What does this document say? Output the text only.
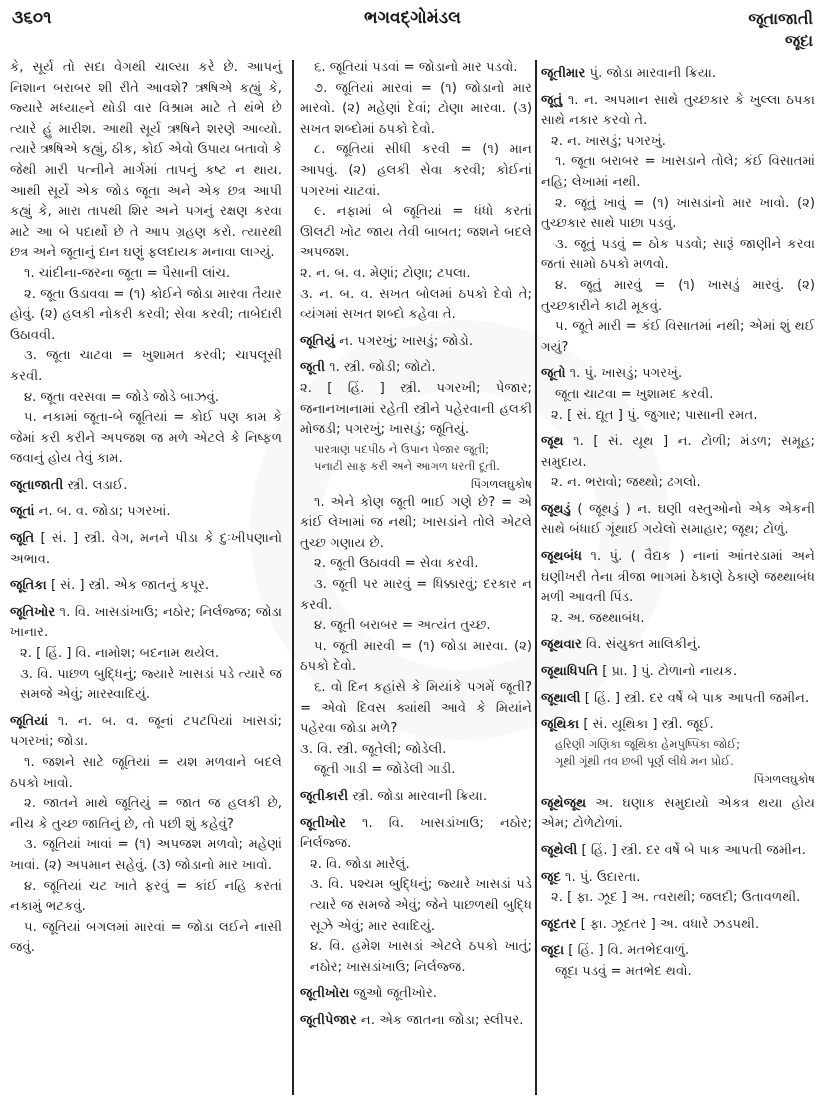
૩૬૦૧	ભગવદ્ગોમંડલ	જૂતાજાતી
જૂદા

કે, સૂર્ય તો સદા વેગથી ચાલ્યા કરે છે. આપનું નિશાન બરાબર શી રીતે આવશે? ઋષિએ કહ્યું કે, જ્યારે મધ્યાહ્ને થોડી વાર વિશ્રામ માટે તે થંભે છે ત્યારે હું મારીશ. આથી સૂર્ય ઋષિને શરણે આવ્યો. ત્યારે ઋષિએ કહ્યું, ઠીક, કોઈ એવો ઉપાય બતાવો કે જેથી મારી પત્નીને માર્ગમાં તાપનું કષ્ટ ન થાય. આથી સૂર્યે એક જોડ જૂતા અને એક છત્ર આપી કહ્યું કે, મારા તાપથી શિર અને પગનું રક્ષણ કરવા માટે આ બે પદાર્થો છે તે આપ ગ્રહણ કરો. ત્યારથી છત્ર અને જૂતાનું દાન ઘણું ફલદાયક મનાવા લાગ્યું.

૧. ચાંદીના-જરના જૂતા = પૈસાની લાંચ.

૨. જૂતા ઉડાવવા = (૧) કોઈને જોડા મારવા તૈયાર હોવું. (૨) હલકી નોકરી કરવી; સેવા કરવી; તાબેદારી ઉઠાવવી.

૩. જૂતા ચાટવા = ખુશામત કરવી; ચાપલૂસી કરવી.

૪. જૂતા વરસવા = જોડે જોડે બાઝવું.

૫. નકામાં જૂતા-બે જૂતિયાં = કોઈ પણ કામ કે જેમાં કરી કરીને અપજશ જ મળે એટલે કે નિષ્ફળ જવાનું હોય તેવું કામ.

જૂતાજાતી સ્ત્રી. લડાઈ.

જૂતાં ન. બ. વ. જોડા; પગરખાં.

જૂતિ [ સં. ] સ્ત્રી. વેગ, મનને પીડા કે દુઃખીપણાનો અભાવ.

જૂતિકા [ સં. ] સ્ત્રી. એક જાતનું કપૂર.

જૂતિખોર ૧. વિ. ખાસડાંખાઉ; નઠોર; નિર્લજ્જ; જોડા ખાનાર.

૨. [ હિં. ] વિ. નામોશ; બદનામ થયેલ.

૩. વિ. પાછળ બુદ્ધિનું; જ્યારે ખાસડાં પડે ત્યારે જ સમજે એવું; મારસ્વાદિયું.

જૂતિયાં ૧. ન. બ. વ. જૂનાં ટપટપિયાં ખાસડાં; પગરખાં; જોડા.

૧. જશને સાટે જૂતિયાં = યશ મળવાને બદલે ઠપકો ખાવો.

૨. જાતને માથે જૂતિયું = જાત જ હલકી છે, નીચ કે તુચ્છ જાતિનું છે, તો પછી શું કહેવું?

૩. જૂતિયાં ખાવાં = (૧) અપજશ મળવો; મહેણાં ખાવાં. (૨) અપમાન સહેવું. (૩) જોડાનો માર ખાવો.

૪. જૂતિયાં ચટ ખાતે ફરવું = કાંઈ નહિ કરતાં નકામું ભટકવું.

૫. જૂતિયાં બગલમાં મારવાં = જોડા લઈને નાસી જવું.

૬. જૂતિયાં પડવાં = જોડાનો માર પડવો.

૭. જૂતિયાં મારવાં = (૧) જોડાનો માર મારવો. (૨) મહેણાં દેવાં; ટોણા મારવા. (૩) સખત શબ્દોમાં ઠપકો દેવો.

૮. જૂતિયાં સીધી કરવી = (૧) માન આપવું. (૨) હલકી સેવા કરવી; કોઈનાં પગરખાં ચાટવાં.

૯. નફામાં બે જૂતિયાં = ધંધો કરતાં ઊલટી ખોટ જાય તેવી બાબત; જશને બદલે અપજશ.

૨. ન. બ. વ. મેણાં; ટોણા; ટપલા.

૩. ન. બ. વ. સખત બોલમાં ઠપકો દેવો તે; વ્યંગમાં સખત શબ્દો કહેવા તે.

જૂતિયું ન. પગરખું; ખાસડું; જોડો.

જૂતી ૧. સ્ત્રી. જોડી; જોટો.

૨. [ હિં. ] સ્ત્રી. પગરખી; પેજાર; જનાનખાનામાં રહેતી સ્ત્રીને પહેરવાની હલકી મોજડી; પગરખું; ખાસડું; જૂતિયું.

પારત્રાણ પદપીઠ ને ઉપાન પેજાર જૂતી;

પનાટી સાફ કરી અને આગળ ધરતી દૂતી.

પિંગળલઘુકોષ

૧. એને કોણ જૂતી ભાઈ ગણે છે? = એ કાંઈ લેખામાં જ નથી; ખાસડાંને તોલે એટલે તુચ્છ ગણાય છે.

૨. જૂતી ઉઠાવવી = સેવા કરવી.

૩. જૂતી પર મારવું = ધિક્કારવું; દરકાર ન કરવી.

૪. જૂતી બરાબર = અત્યંત તુચ્છ.

૫. જૂતી મારવી = (૧) જોડા મારવા. (૨) ઠપકો દેવો.

૬. વો દિન કહાંસે કે મિયાંકે પગમેં જૂતી?= એવો દિવસ ક્યાંથી આવે કે મિયાંને પહેરવા જોડા મળે?

૩. વિ. સ્ત્રી. જૂતેલી; જોડેલી.

જૂતી ગાડી = જોડેલી ગાડી.

જૂતીકારી સ્ત્રી. જોડા મારવાની ક્રિયા.

જૂતીખોર ૧. વિ. ખાસડાંખાઉ; નઠોર; નિર્લજ્જ.

૨. વિ. જોડા મારેલું.

૩. વિ. પશ્ચમ બુદ્ધિનું; જ્યારે ખાસડાં પડે ત્યારે જ સમજે એવું; જેને પાછળથી બુદ્ધિ સૂઝે એવું; માર સ્વાદિયું.

૪. વિ. હમેશ ખાસડાં એટલે ઠપકો ખાતું; નઠોર; ખાસડાંખાઉ; નિર્લજ્જ.

જૂતીખોરા જુઓ જૂતીખોર.

જૂતીપેજાર ન. એક જાતના જોડા; સ્લીપર.

જૂતીમાર પું. જોડા મારવાની ક્રિયા.

જૂતું ૧. ન. અપમાન સાથે તુચ્છકાર કે ખુલ્લા ઠપકા સાથે નકાર કરવો તે.

૨. ન. ખાસડું; પગરખું.

૧. જૂતા બરાબર = ખાસડાને તોલે; કંઈ વિસાતમાં નહિ; લેખામાં નથી.

૨. જૂતું ખાવું = (૧) ખાસડાંનો માર ખાવો. (૨) તુચ્છકાર સાથે પાછા પડવું.

૩. જૂતું પડવું = ઠોક પડવો; સારૂં જાણીને કરવા જતાં સામો ઠપકો મળવો.

૪. જૂતું મારવું = (૧) ખાસડું મારવું. (૨) તુચ્છકારીને કાઢી મૂકવું.

૫. જૂતે મારી = કંઈ વિસાતમાં નથી; એમાં શું થઈ ગયું?

જૂતો ૧. પું. ખાસડું; પગરખું.

જૂતા ચાટવા = ખુશામદ કરવી.

૨. [ સં. દ્યૂત ] પું. જુગાર; પાસાની રમત.

જૂથ ૧. [ સં. યૂથ ] ન. ટોળી; મંડળ; સમૂહ; સમુદાય.

૨. ન. ભરાવો; જથ્થો; ઢગલો.

જૂથડું ( જૂથડું ) ન. ઘણી વસ્તુઓનો એક એકની સાથે બંધાઈ ગૂંથાઈ ગયેલો સમાહાર; જૂથ; ટોળું.

જૂથબંધ ૧. પું. ( વૈદ્યક ) નાનાં આંતરડામાં અને ઘણીખરી તેના ત્રીજા ભાગમાં ઠેકાણે ઠેકાણે જથ્થાબંધ મળી આવતી પિંડ.

૨. અ. જથ્થાબંધ.

જૂથવાર વિ. સંયુક્ત માલિકીનું.

જૂથાધિપતિ [ પ્રા. ] પું. ટોળાનો નાયક.

જૂથાલી [ હિં. ] સ્ત્રી. દર વર્ષે બે પાક આપતી જમીન.

જૂથિકા [ સં. યૂથિકા ] સ્ત્રી. જૂઈ.

હરિણી ગણિકા જૂથિકા હેમપુષ્પિકા જોઈ;

ગૂથી ગૂંથી તવ છબી પૂર્ણ લીધે મન પ્રોઈ.

પિંગળલઘુકોષ

જૂથેજૂથ અ. ઘણાક સમુદાયો એકત્ર થયા હોય એમ; ટોળેટોળાં.

જૂથેલી [ હિં. ] સ્ત્રી. દર વર્ષે બે પાક આપતી જમીન.

જૂદ ૧. પું. ઉદારતા.

૨. [ ફા. ઝૂદ ] અ. ત્વરાથી; જલદી; ઉતાવળથી.

જૂદતર [ ફા. ઝૂદતર ] અ. વધારે ઝડપથી.

જૂદા [ હિં. ] વિ. મતભેદવાળું.

જૂદા પડવું = મતભેદ થવો.
